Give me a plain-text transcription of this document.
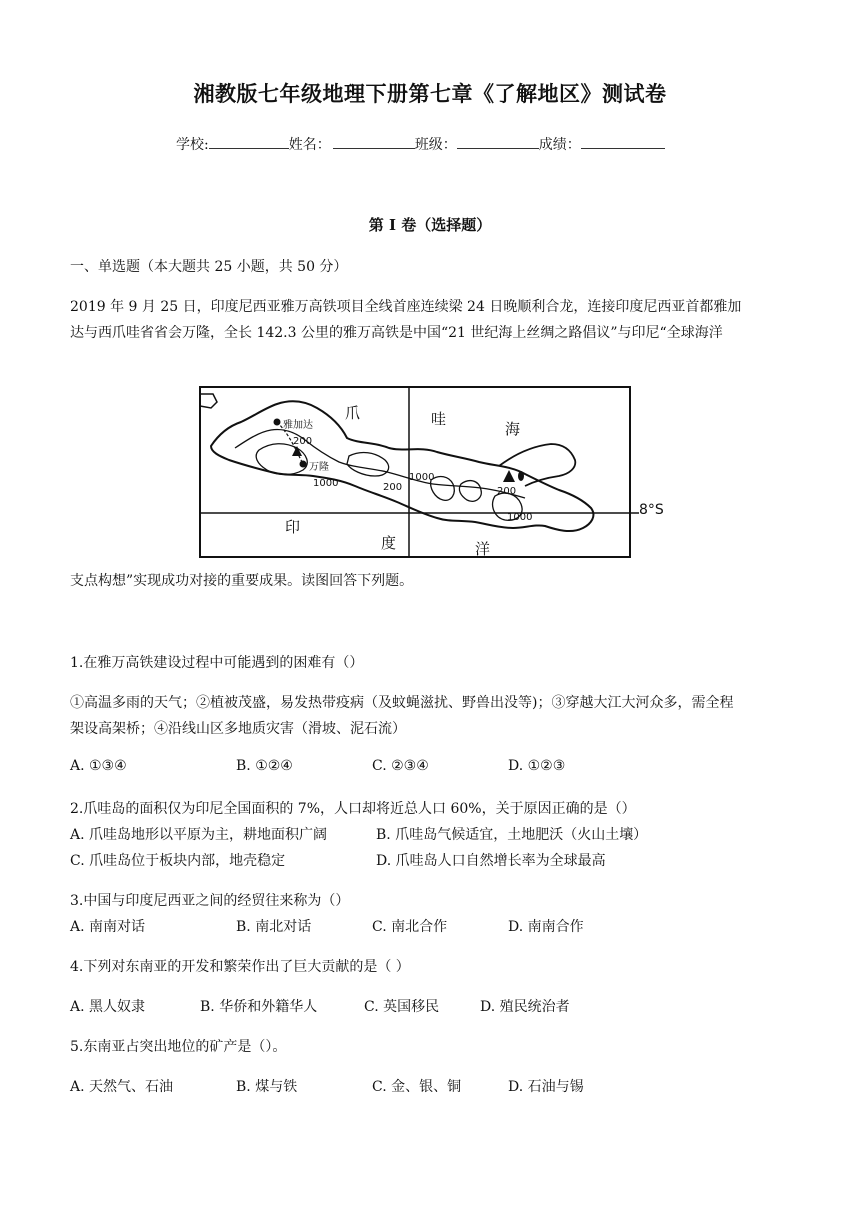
湘教版七年级地理下册第七章《了解地区》测试卷
学校:	姓名：	班级：	成绩：
第 I 卷（选择题）
一、单选题（本大题共 25 小题，共 50 分）
2019 年 9 月 25 日，印度尼西亚雅万高铁项目全线首座连续梁 24 日晚顺利合龙，连接印度尼西亚首都雅加
达与西爪哇省省会万隆，全长 142.3 公里的雅万高铁是中国“21 世纪海上丝绸之路倡议”与印尼“全球海洋
爪	哇
海
印
度	洋
雅加达
万隆
200
1000	200
1000
200
1000	8°S
支点构想”实现成功对接的重要成果。读图回答下列题。
1.在雅万高铁建设过程中可能遇到的困难有（）
①高温多雨的天气；②植被茂盛，易发热带疫病（及蚊蝇滋扰、野兽出没等)；③穿越大江大河众多，需全程
架设高架桥；④沿线山区多地质灾害（滑坡、泥石流）
A. ①③④	B. ①②④	C. ②③④	D. ①②③
2.爪哇岛的面积仅为印尼全国面积的 7%，人口却将近总人口 60%，关于原因正确的是（）
A. 爪哇岛地形以平原为主，耕地面积广阔	B. 爪哇岛气候适宜，土地肥沃（火山土壤）
C. 爪哇岛位于板块内部，地壳稳定	D. 爪哇岛人口自然增长率为全球最高
3.中国与印度尼西亚之间的经贸往来称为（）
A. 南南对话	B. 南北对话	C. 南北合作	D. 南南合作
4.下列对东南亚的开发和繁荣作出了巨大贡献的是（ ）
A. 黑人奴隶	B. 华侨和外籍华人	C. 英国移民	D. 殖民统治者
5.东南亚占突出地位的矿产是（）。
A. 天然气、石油	B. 煤与铁	C. 金、银、铜	D. 石油与锡
